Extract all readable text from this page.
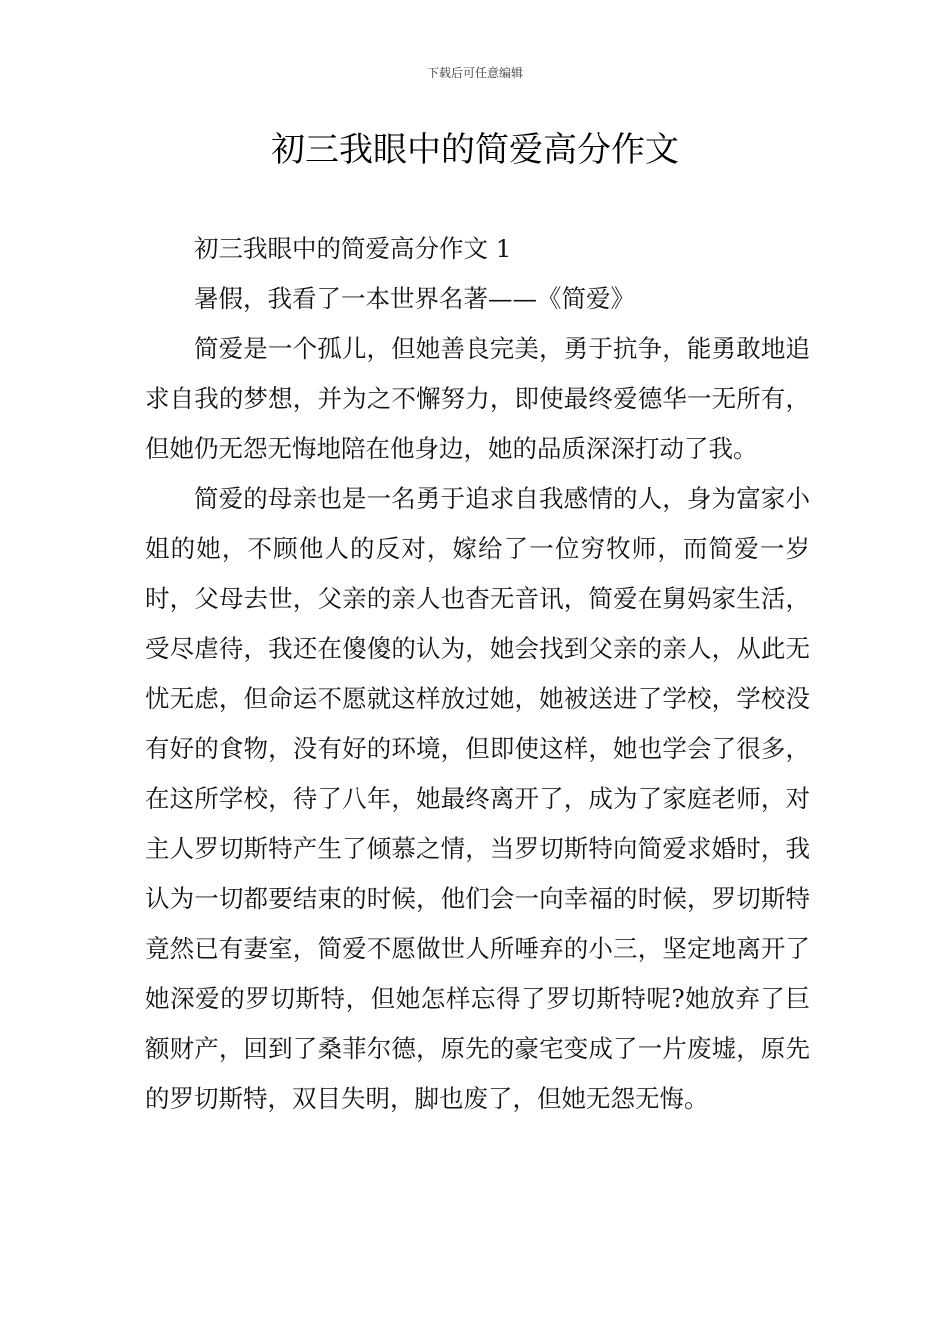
下载后可任意编辑
初三我眼中的简爱高分作文

初三我眼中的简爱高分作文 1

暑假，我看了一本世界名著——《简爱》

简爱是一个孤儿，但她善良完美，勇于抗争，能勇敢地追求自我的梦想，并为之不懈努力，即使最终爱德华一无所有，但她仍无怨无悔地陪在他身边，她的品质深深打动了我。

简爱的母亲也是一名勇于追求自我感情的人，身为富家小姐的她，不顾他人的反对，嫁给了一位穷牧师，而简爱一岁时，父母去世，父亲的亲人也杳无音讯，简爱在舅妈家生活，受尽虐待，我还在傻傻的认为，她会找到父亲的亲人，从此无忧无虑，但命运不愿就这样放过她，她被送进了学校，学校没有好的食物，没有好的环境，但即使这样，她也学会了很多，在这所学校，待了八年，她最终离开了，成为了家庭老师，对主人罗切斯特产生了倾慕之情，当罗切斯特向简爱求婚时，我认为一切都要结束的时候，他们会一向幸福的时候，罗切斯特竟然已有妻室，简爱不愿做世人所唾弃的小三，坚定地离开了她深爱的罗切斯特，但她怎样忘得了罗切斯特呢?她放弃了巨额财产，回到了桑菲尔德，原先的豪宅变成了一片废墟，原先的罗切斯特，双目失明，脚也废了，但她无怨无悔。
